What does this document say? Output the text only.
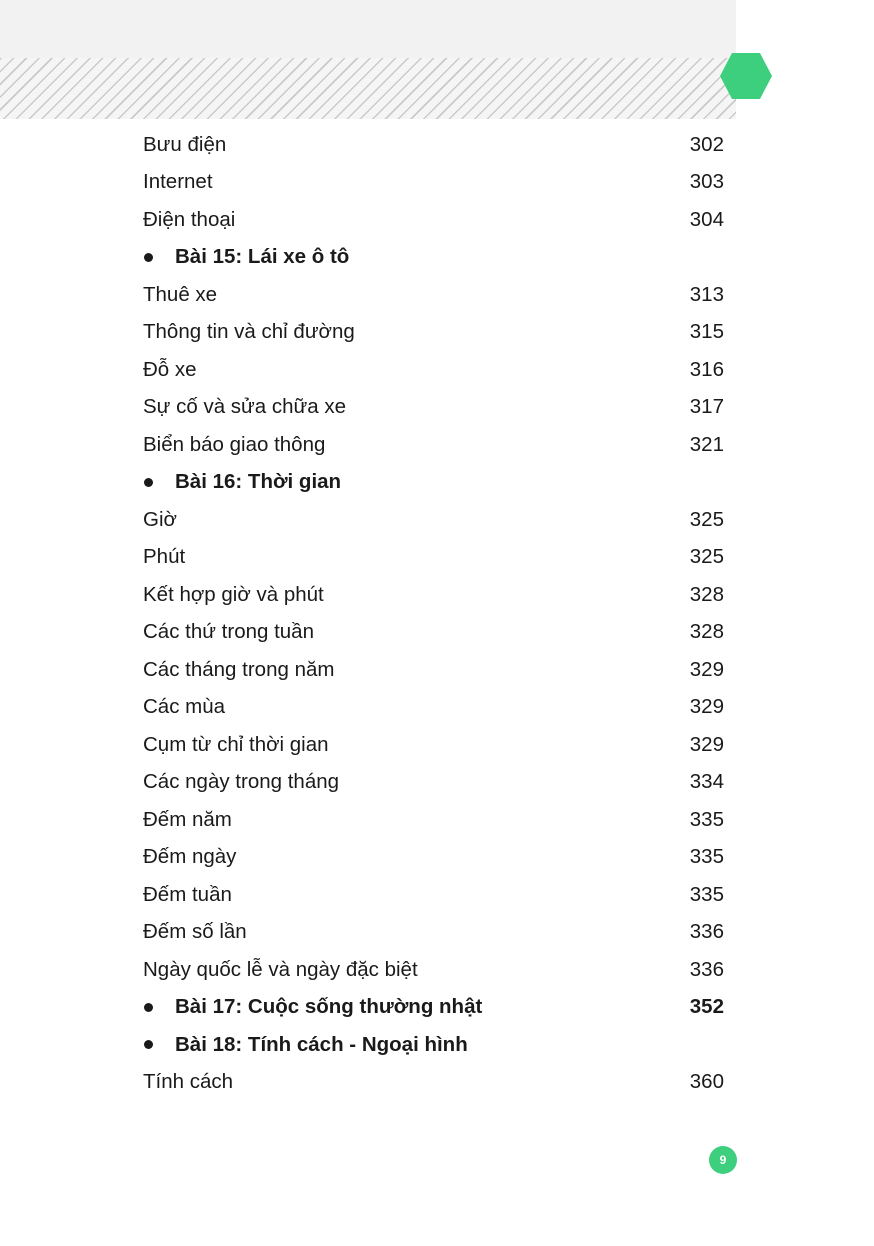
Bưu điện	302
Internet	303
Điện thoại	304
Bài 15: Lái xe ô tô
Thuê xe	313
Thông tin và chỉ đường	315
Đỗ xe	316
Sự cố và sửa chữa xe	317
Biển báo giao thông	321
Bài 16: Thời gian
Giờ	325
Phút	325
Kết hợp giờ và phút	328
Các thứ trong tuần	328
Các tháng trong năm	329
Các mùa	329
Cụm từ chỉ thời gian	329
Các ngày trong tháng	334
Đếm năm	335
Đếm ngày	335
Đếm tuần	335
Đếm số lần	336
Ngày quốc lễ và ngày đặc biệt	336
Bài 17: Cuộc sống thường nhật	352
Bài 18: Tính cách - Ngoại hình
Tính cách	360
9
